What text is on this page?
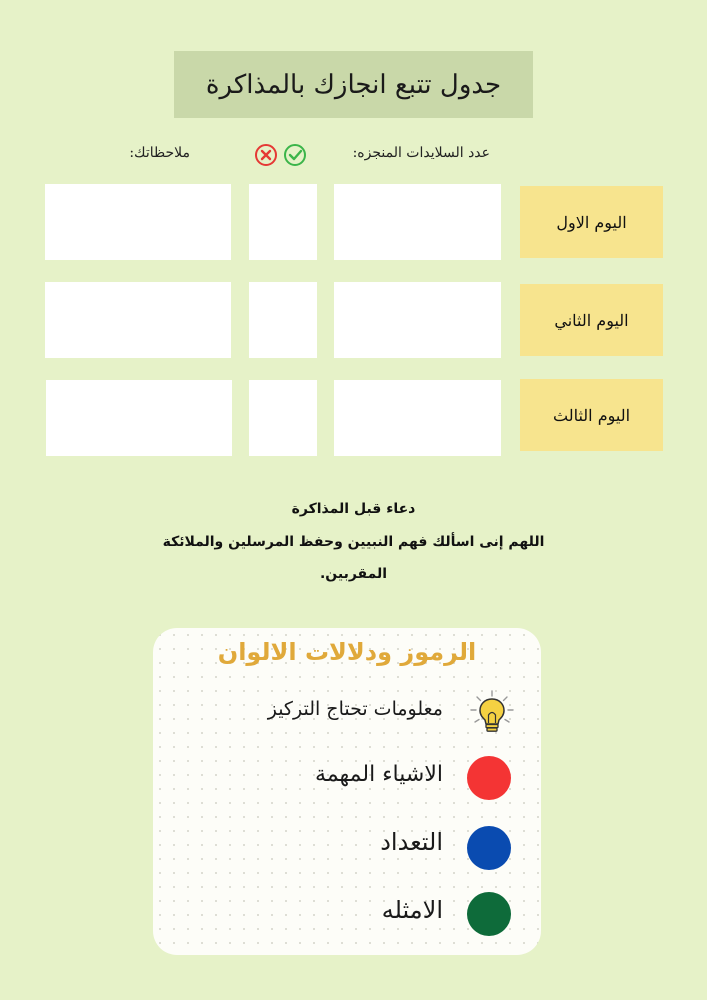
جدول تتبع انجازك بالمذاكرة
عدد السلايدات المنجزه:
ملاحظاتك:
اليوم الاول
اليوم الثاني
اليوم الثالث
دعاء قبل المذاكرة
اللهم إنى اسألك فهم النبيين وحفظ المرسلين والملائكة
المقربين.
الرموز ودلالات الالوان
معلومات تحتاج التركيز
الاشياء المهمة
التعداد
الامثله
